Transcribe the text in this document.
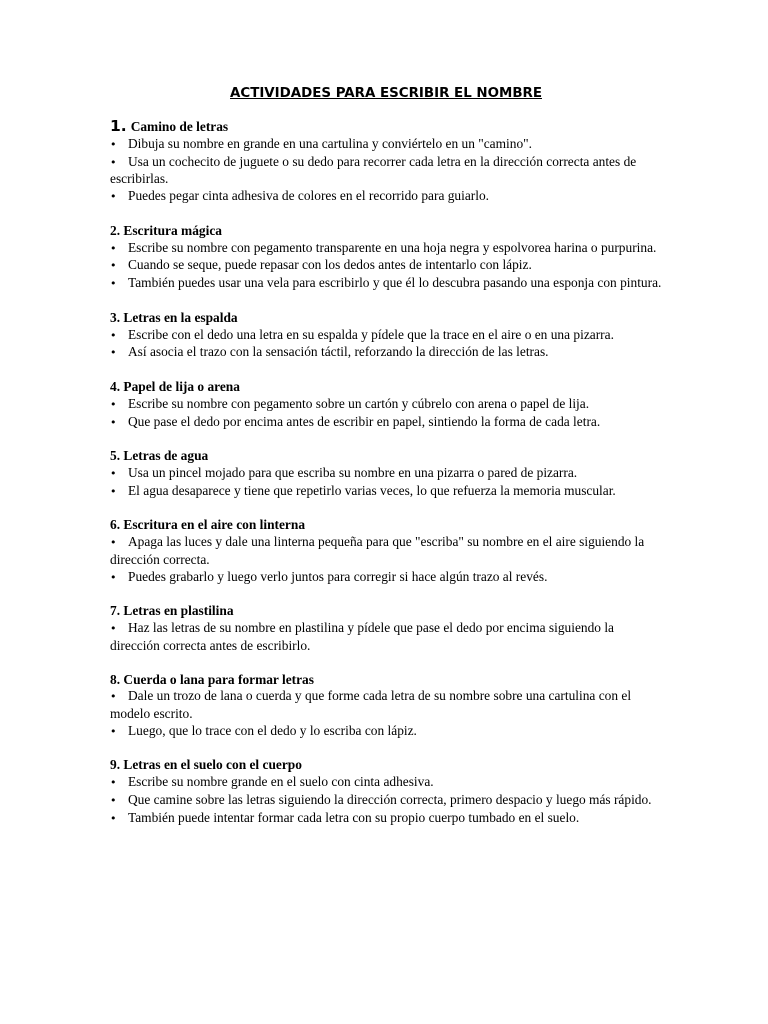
ACTIVIDADES PARA ESCRIBIR EL NOMBRE

1. Camino de letras

• Dibuja su nombre en grande en una cartulina y conviértelo en un "camino".

• Usa un cochecito de juguete o su dedo para recorrer cada letra en la dirección correcta antes de escribirlas.

• Puedes pegar cinta adhesiva de colores en el recorrido para guiarlo.

2. Escritura mágica

• Escribe su nombre con pegamento transparente en una hoja negra y espolvorea harina o purpurina.

• Cuando se seque, puede repasar con los dedos antes de intentarlo con lápiz.

• También puedes usar una vela para escribirlo y que él lo descubra pasando una esponja con pintura.

3. Letras en la espalda

• Escribe con el dedo una letra en su espalda y pídele que la trace en el aire o en una pizarra.

• Así asocia el trazo con la sensación táctil, reforzando la dirección de las letras.

4. Papel de lija o arena

• Escribe su nombre con pegamento sobre un cartón y cúbrelo con arena o papel de lija.

• Que pase el dedo por encima antes de escribir en papel, sintiendo la forma de cada letra.

5. Letras de agua

• Usa un pincel mojado para que escriba su nombre en una pizarra o pared de pizarra.

• El agua desaparece y tiene que repetirlo varias veces, lo que refuerza la memoria muscular.

6. Escritura en el aire con linterna

• Apaga las luces y dale una linterna pequeña para que "escriba" su nombre en el aire siguiendo la dirección correcta.

• Puedes grabarlo y luego verlo juntos para corregir si hace algún trazo al revés.

7. Letras en plastilina

• Haz las letras de su nombre en plastilina y pídele que pase el dedo por encima siguiendo la dirección correcta antes de escribirlo.

8. Cuerda o lana para formar letras

• Dale un trozo de lana o cuerda y que forme cada letra de su nombre sobre una cartulina con el modelo escrito.

• Luego, que lo trace con el dedo y lo escriba con lápiz.

9. Letras en el suelo con el cuerpo

• Escribe su nombre grande en el suelo con cinta adhesiva.

• Que camine sobre las letras siguiendo la dirección correcta, primero despacio y luego más rápido.

• También puede intentar formar cada letra con su propio cuerpo tumbado en el suelo.
